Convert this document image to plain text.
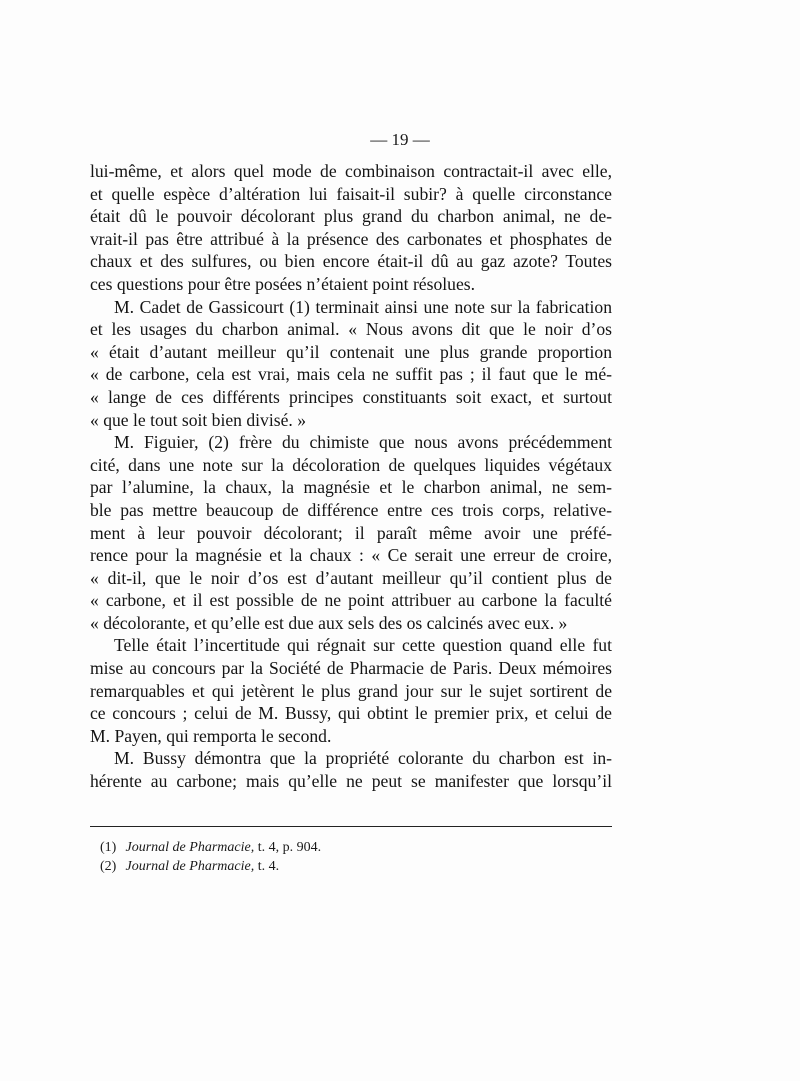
— 19 —
lui-même, et alors quel mode de combinaison contractait-il avec elle,
et quelle espèce d’altération lui faisait-il subir? à quelle circonstance
était dû le pouvoir décolorant plus grand du charbon animal, ne de-
vrait-il pas être attribué à la présence des carbonates et phosphates de
chaux et des sulfures, ou bien encore était-il dû au gaz azote? Toutes
ces questions pour être posées n’étaient point résolues.
M. Cadet de Gassicourt (1) terminait ainsi une note sur la fabrication
et les usages du charbon animal. « Nous avons dit que le noir d’os
« était d’autant meilleur qu’il contenait une plus grande proportion
« de carbone, cela est vrai, mais cela ne suffit pas ; il faut que le mé-
« lange de ces différents principes constituants soit exact, et surtout
« que le tout soit bien divisé. »
M. Figuier, (2) frère du chimiste que nous avons précédemment
cité, dans une note sur la décoloration de quelques liquides végétaux
par l’alumine, la chaux, la magnésie et le charbon animal, ne sem-
ble pas mettre beaucoup de différence entre ces trois corps, relative-
ment à leur pouvoir décolorant; il paraît même avoir une préfé-
rence pour la magnésie et la chaux : « Ce serait une erreur de croire,
« dit-il, que le noir d’os est d’autant meilleur qu’il contient plus de
« carbone, et il est possible de ne point attribuer au carbone la faculté
« décolorante, et qu’elle est due aux sels des os calcinés avec eux. »
Telle était l’incertitude qui régnait sur cette question quand elle fut
mise au concours par la Société de Pharmacie de Paris. Deux mémoires
remarquables et qui jetèrent le plus grand jour sur le sujet sortirent de
ce concours ; celui de M. Bussy, qui obtint le premier prix, et celui de
M. Payen, qui remporta le second.
M. Bussy démontra que la propriété colorante du charbon est in-
hérente au carbone; mais qu’elle ne peut se manifester que lorsqu’il
(1) Journal de Pharmacie, t. 4, p. 904.
(2) Journal de Pharmacie, t. 4.
